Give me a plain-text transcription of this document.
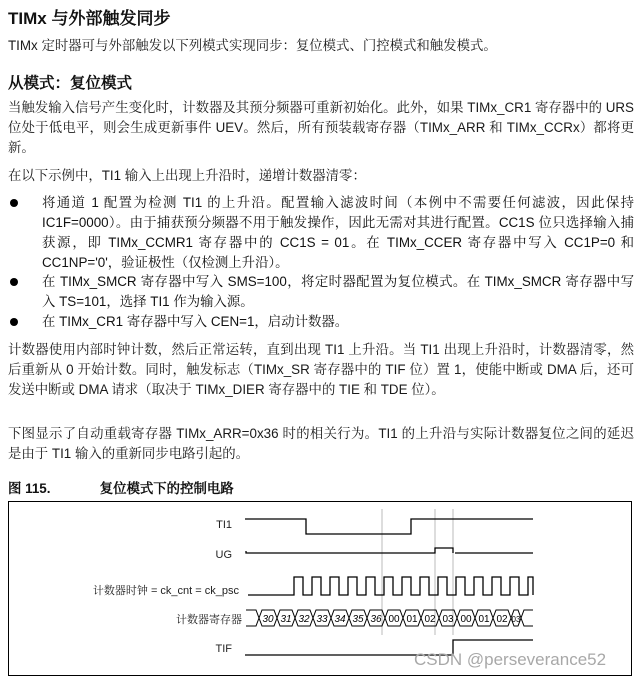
TIMx 与外部触发同步
TIMx 定时器可与外部触发以下列模式实现同步：复位模式、门控模式和触发模式。
从模式：复位模式
当触发输入信号产生变化时，计数器及其预分频器可重新初始化。此外，如果 TIMx_CR1 寄存器中的 URS 位处于低电平，则会生成更新事件 UEV。然后，所有预装载寄存器（TIMx_ARR 和 TIMx_CCRx）都将更新。
在以下示例中，TI1 输入上出现上升沿时，递增计数器清零：
将通道 1 配置为检测 TI1 的上升沿。配置输入滤波时间（本例中不需要任何滤波，因此保持 IC1F=0000）。由于捕获预分频器不用于触发操作，因此无需对其进行配置。CC1S 位只选择输入捕获源，即 TIMx_CCMR1 寄存器中的 CC1S = 01。在 TIMx_CCER 寄存器中写入 CC1P=0 和 CC1NP='0'，验证极性（仅检测上升沿）。
在 TIMx_SMCR 寄存器中写入 SMS=100，将定时器配置为复位模式。在 TIMx_SMCR 寄存器中写入 TS=101，选择 TI1 作为输入源。
在 TIMx_CR1 寄存器中写入 CEN=1，启动计数器。
计数器使用内部时钟计数，然后正常运转，直到出现 TI1 上升沿。当 TI1 出现上升沿时，计数器清零，然后重新从 0 开始计数。同时，触发标志（TIMx_SR 寄存器中的 TIF 位）置 1，使能中断或 DMA 后，还可发送中断或 DMA 请求（取决于 TIMx_DIER 寄存器中的 TIE 和 TDE 位）。
下图显示了自动重载寄存器 TIMx_ARR=0x36 时的相关行为。TI1 的上升沿与实际计数器复位之间的延迟是由于 TI1 输入的重新同步电路引起的。
图 115.	复位模式下的控制电路
TI1
UG
计数器时钟 = ck_cnt = ck_psc
计数器寄存器
TIF
30 31 32 33 34 35 36 00 01 02 03 00 01 02 03
CSDN @perseverance52
